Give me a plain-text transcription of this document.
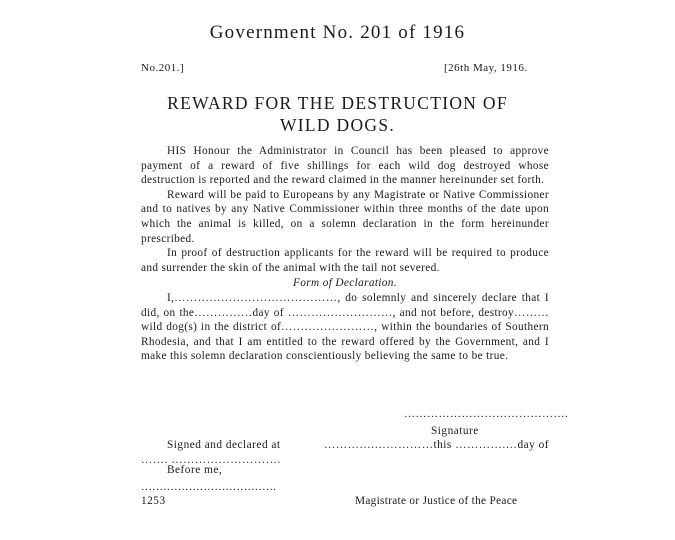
Government No. 201 of 1916
No.201.]	[26th May, 1916.
REWARD FOR THE DESTRUCTION OF
WILD DOGS.
HIS Honour the Administrator in Council has been pleased to approve payment of a reward of five shillings for each wild dog destroyed whose destruction is reported and the reward claimed in the manner hereinunder set forth.
Reward will be paid to Europeans by any Magistrate or Native Commissioner and to natives by any Native Commissioner within three months of the date upon which the animal is killed, on a solemn declaration in the form hereinunder prescribed.
In proof of destruction applicants for the reward will be required to produce and surrender the skin of the animal with the tail not severed.
Form of Declaration.
I,……………………………………, do solemnly and sincerely declare that I did, on the……………day of ………………………, and not before, destroy………wild dog(s) in the district of……………………, within the boundaries of Southern Rhodesia, and that I am entitled to the reward offered by the Government, and I make this solemn declaration conscientiously believing the same to be true.
…………………………………….
Signature
Signed and declared at	………….……………this ………….…day of
……. ……………………….
Before me,
……………………………….
1253	Magistrate or Justice of the Peace
